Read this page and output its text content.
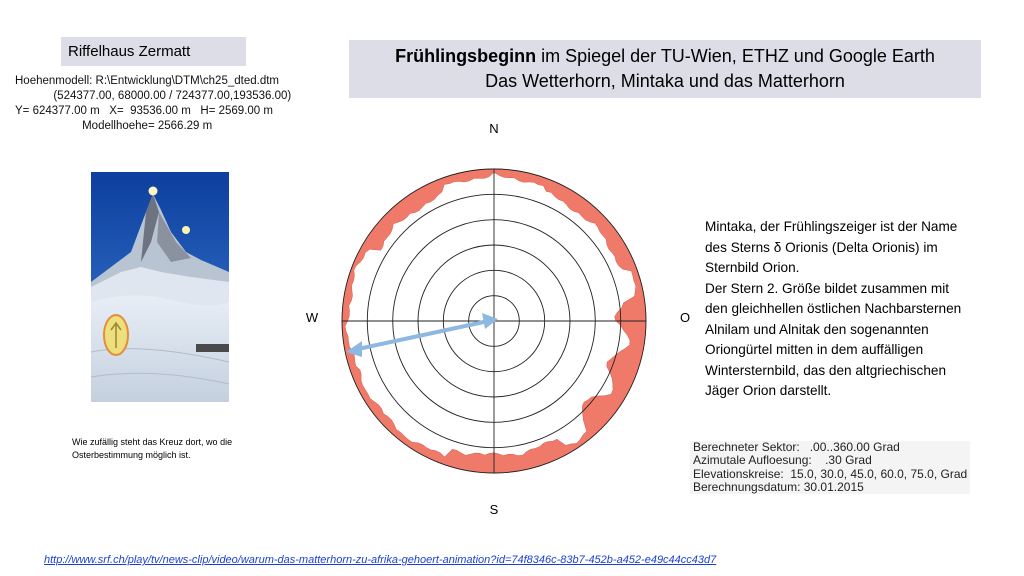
Riffelhaus Zermatt	Frühlingsbeginn im Spiegel der TU-Wien, ETHZ und Google Earth
Das Wetterhorn, Mintaka und das Matterhorn
Hoehenmodell: R:\Entwicklung\DTM\ch25_dted.dtm
(524377.00, 68000.00 / 724377.00,193536.00)
Y= 624377.00 m   X=  93536.00 m   H= 2569.00 m
Modellhoehe= 2566.29 m
Wie zufällig steht das Kreuz dort, wo die Osterbestimmung möglich ist.
N
S
W	O
Mintaka, der Frühlingszeiger ist der Name
des Sterns δ Orionis (Delta Orionis) im
Sternbild Orion.
Der Stern 2. Größe bildet zusammen mit
den gleichhellen östlichen Nachbarsternen
Alnilam und Alnitak den sogenannten
Oriongürtel mitten in dem auffälligen
Wintersternbild, das den altgriechischen
Jäger Orion darstellt.
Berechneter Sektor:   .00..360.00 Grad
Azimutale Aufloesung:    .30 Grad
Elevationskreise:  15.0, 30.0, 45.0, 60.0, 75.0, Grad
Berechnungsdatum: 30.01.2015
http://www.srf.ch/play/tv/news-clip/video/warum-das-matterhorn-zu-afrika-gehoert-animation?id=74f8346c-83b7-452b-a452-e49c44cc43d7
